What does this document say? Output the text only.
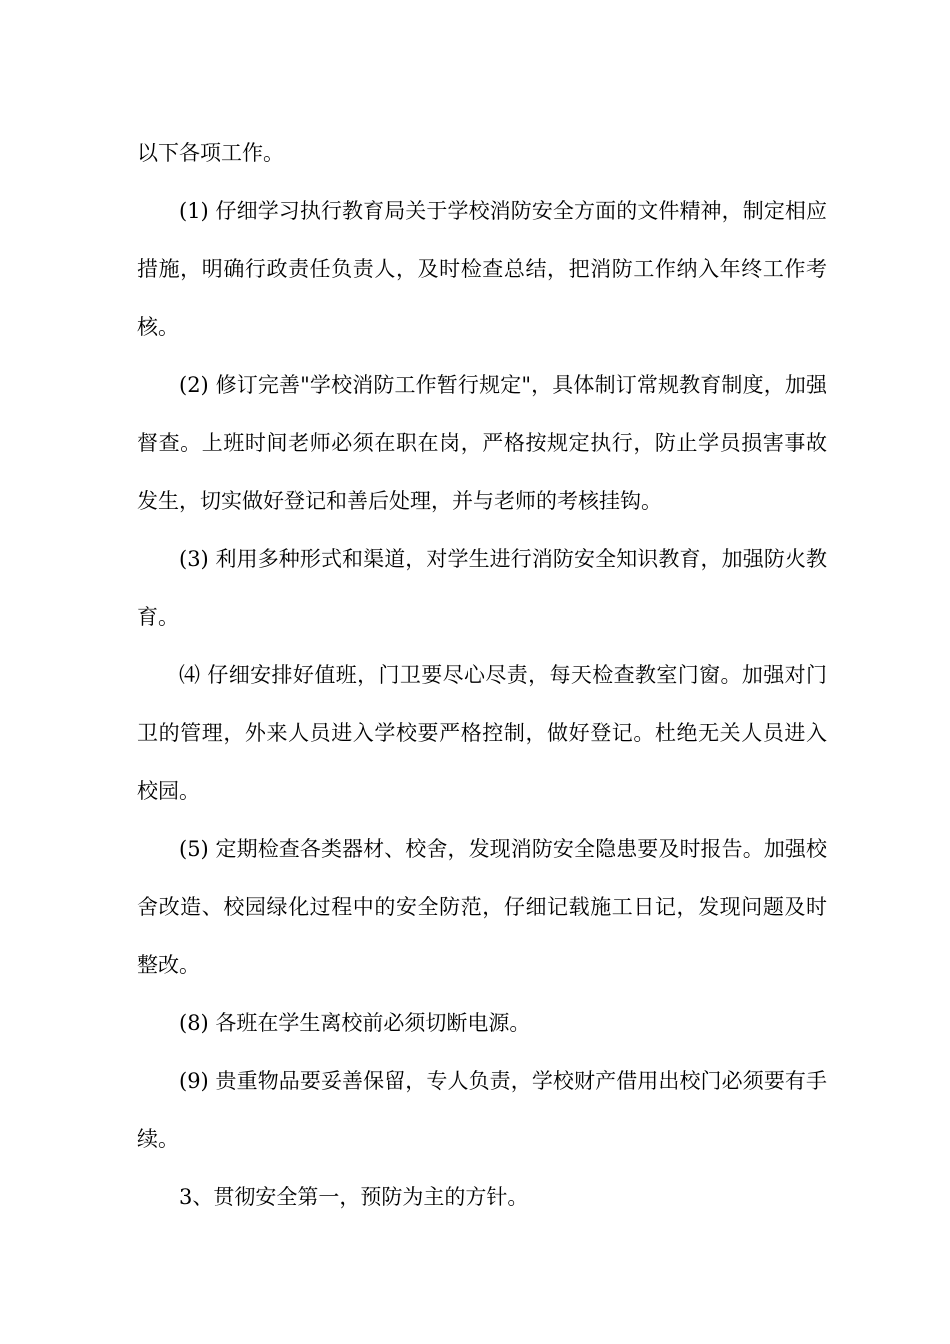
以下各项工作。

(1) 仔细学习执行教育局关于学校消防安全方面的文件精神，制定相应措施，明确行政责任负责人，及时检查总结，把消防工作纳入年终工作考核。

(2) 修订完善"学校消防工作暂行规定"，具体制订常规教育制度，加强督查。上班时间老师必须在职在岗，严格按规定执行，防止学员损害事故发生，切实做好登记和善后处理，并与老师的考核挂钩。

(3) 利用多种形式和渠道，对学生进行消防安全知识教育，加强防火教育。

⑷ 仔细安排好值班，门卫要尽心尽责，每天检查教室门窗。加强对门卫的管理，外来人员进入学校要严格控制，做好登记。杜绝无关人员进入校园。

(5) 定期检查各类器材、校舍，发现消防安全隐患要及时报告。加强校舍改造、校园绿化过程中的安全防范，仔细记载施工日记，发现问题及时整改。

(8) 各班在学生离校前必须切断电源。

(9) 贵重物品要妥善保留，专人负责，学校财产借用出校门必须要有手续。

3、贯彻安全第一，预防为主的方针。
